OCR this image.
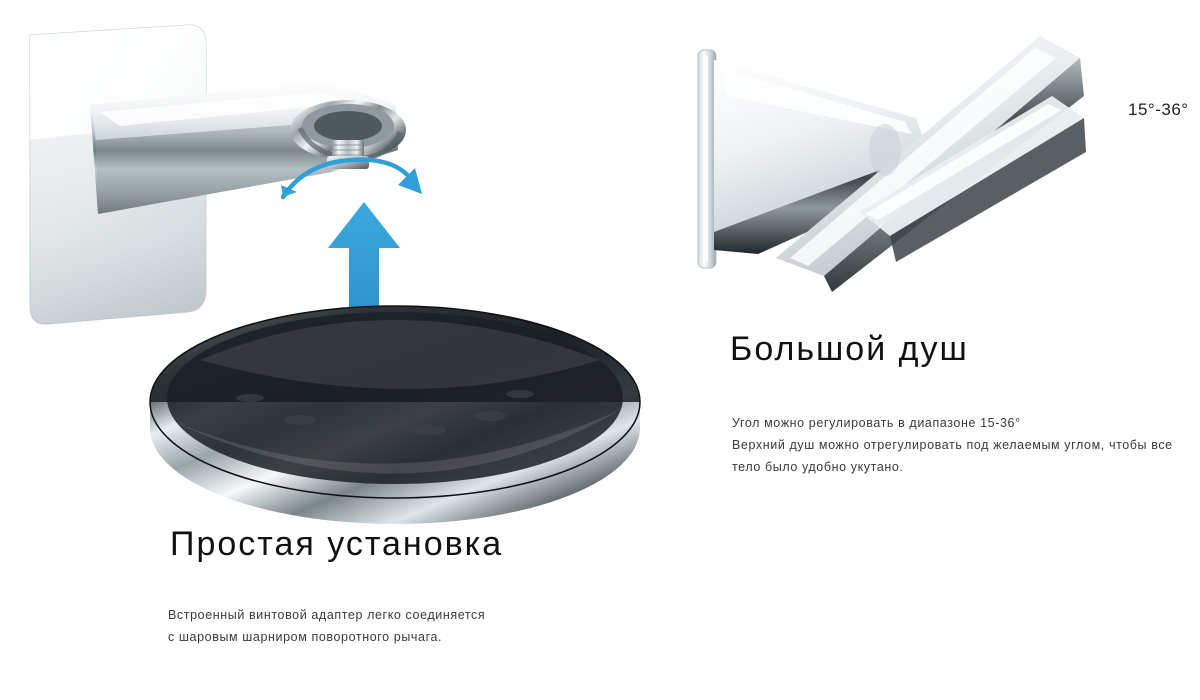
Простая установка
Встроенный винтовой адаптер легко соединяется
с шаровым шарниром поворотного рычага.
15°-36°
Большой душ
Угол можно регулировать в диапазоне 15-36°
Верхний душ можно отрегулировать под желаемым углом, чтобы все
тело было удобно укутано.
